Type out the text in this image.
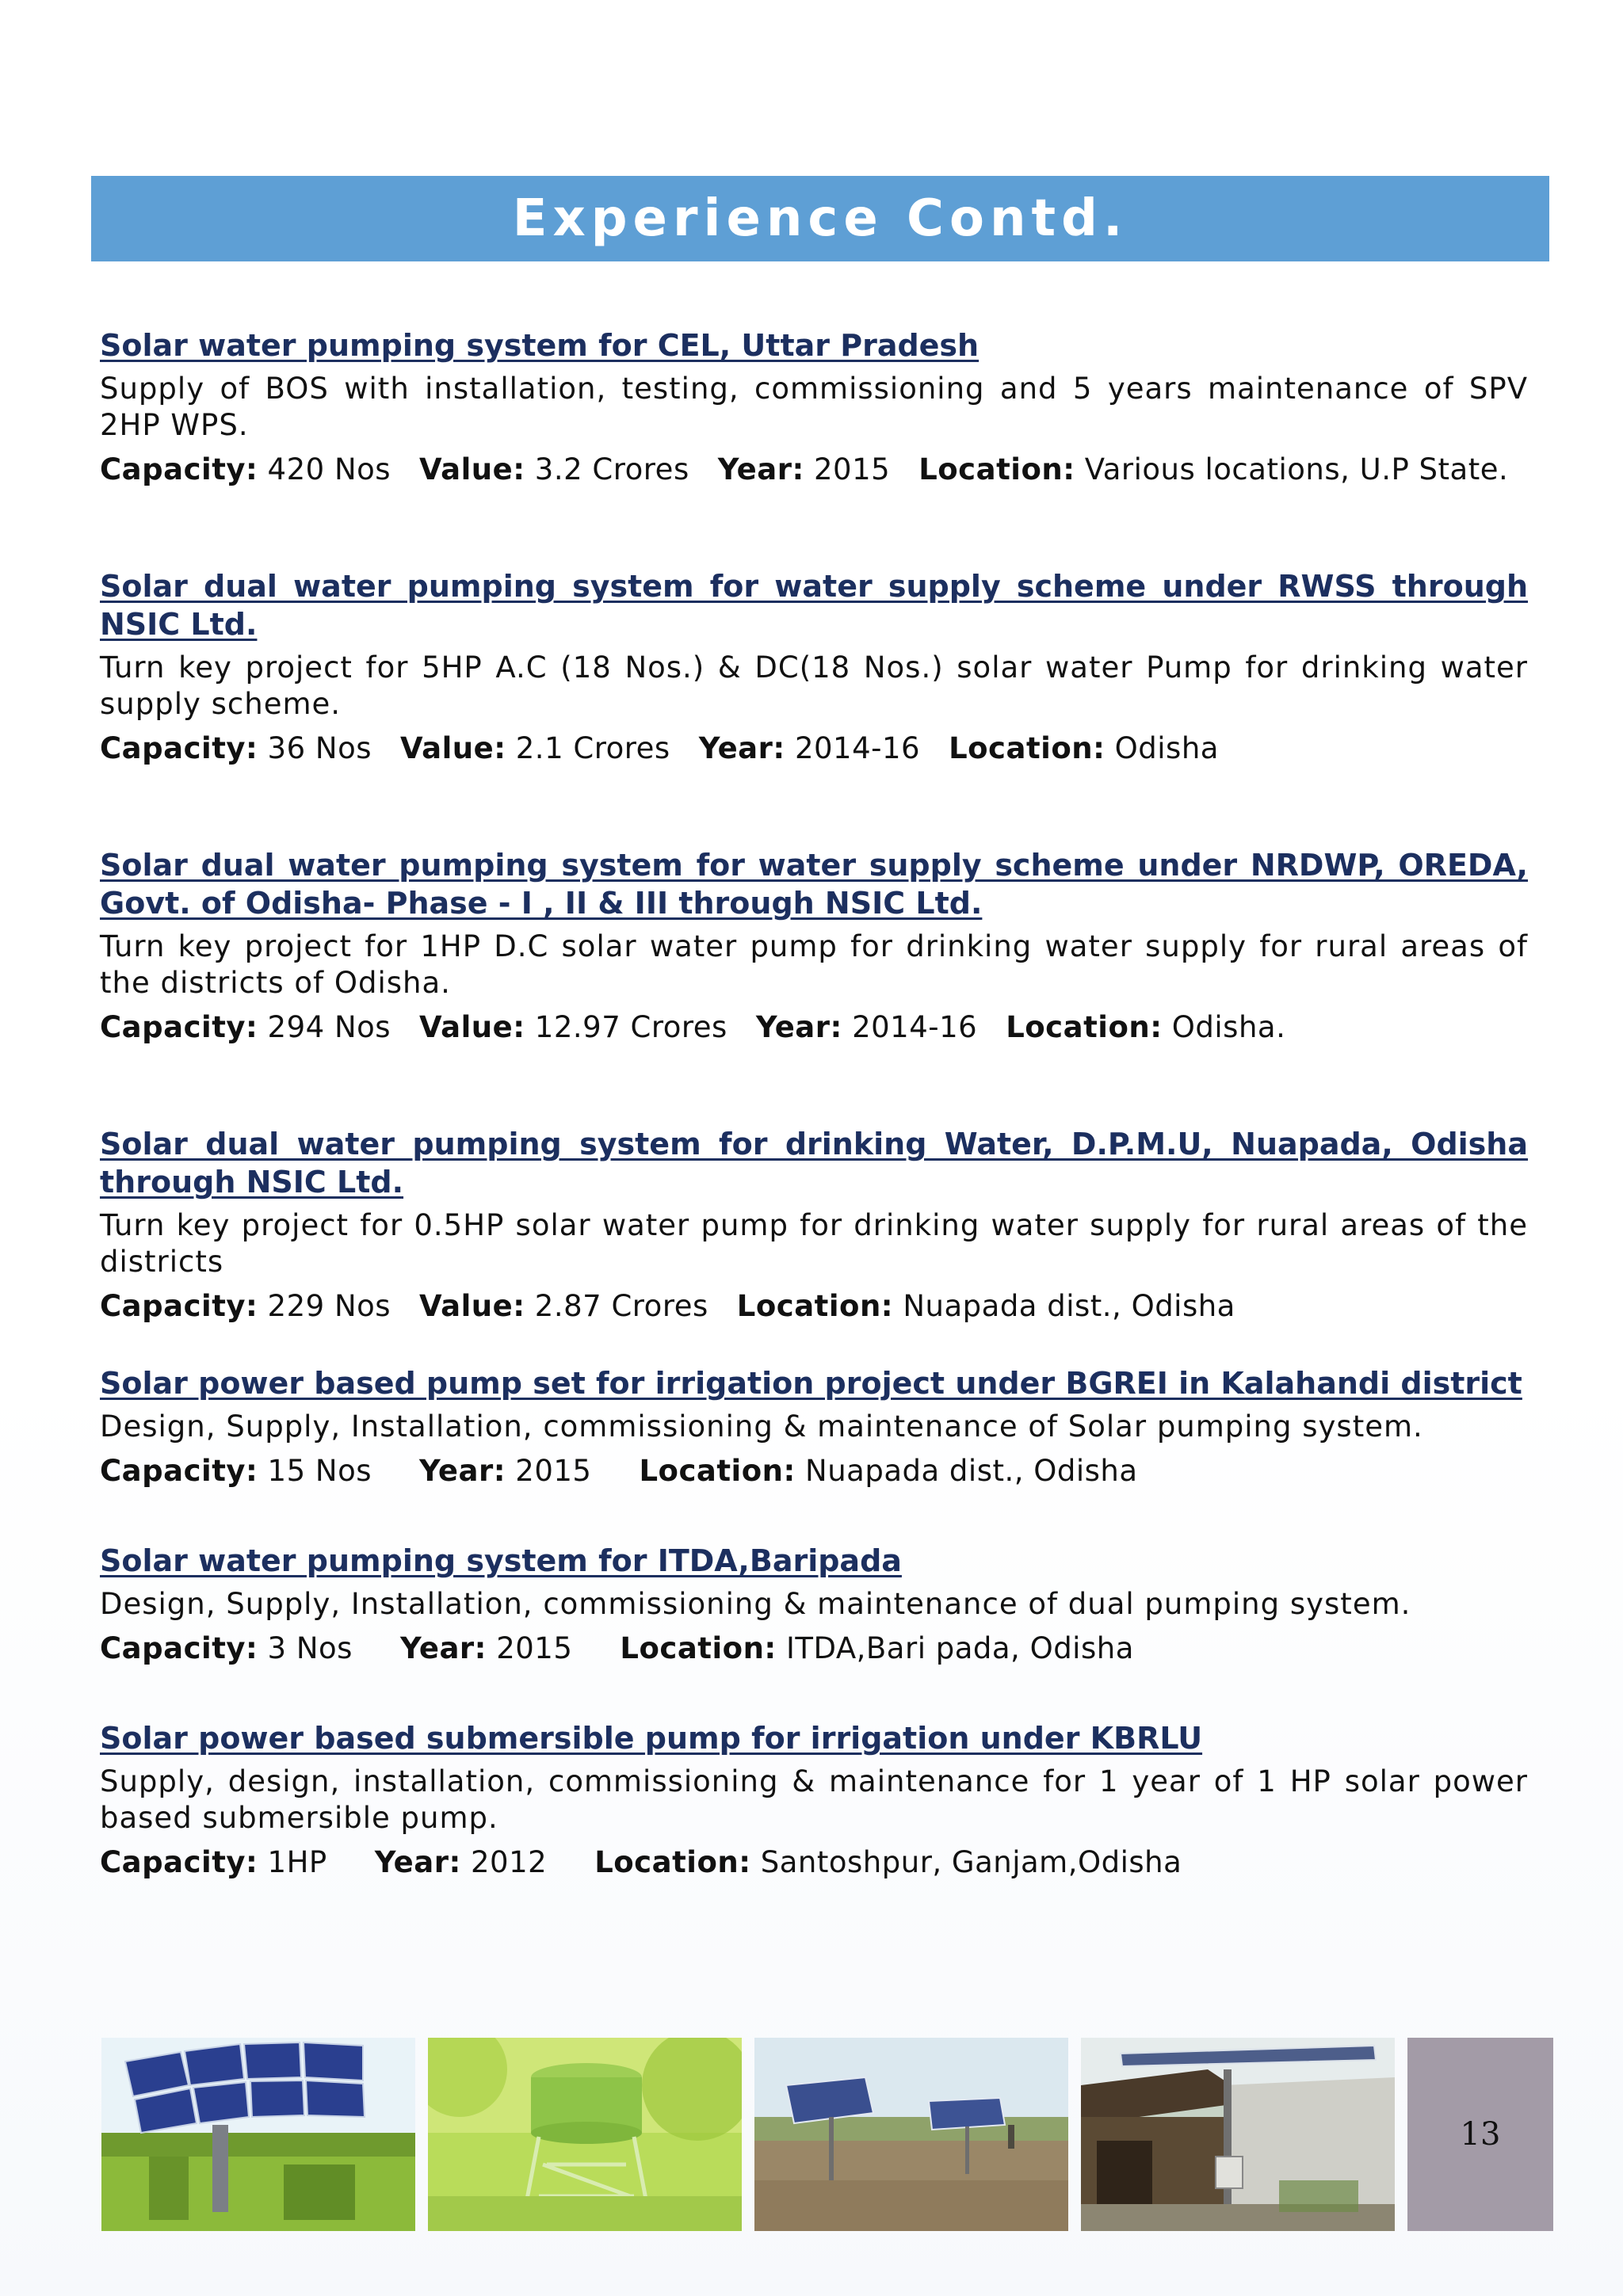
Experience Contd.
Solar water pumping system for CEL, Uttar Pradesh
Supply of BOS with installation, testing, commissioning and 5 years maintenance of SPV 2HP WPS.
Capacity: 420 Nos Value: 3.2 Crores Year: 2015 Location: Various locations, U.P State.
Solar dual water pumping system for water supply scheme under RWSS through NSIC Ltd.
Turn key project for 5HP A.C (18 Nos.) & DC(18 Nos.) solar water Pump for drinking water supply scheme.
Capacity: 36 Nos Value: 2.1 Crores Year: 2014-16 Location: Odisha
Solar dual water pumping system for water supply scheme under NRDWP, OREDA, Govt. of Odisha- Phase - I , II & III through NSIC Ltd.
Turn key project for 1HP D.C solar water pump for drinking water supply for rural areas of the districts of Odisha.
Capacity: 294 Nos Value: 12.97 Crores Year: 2014-16 Location: Odisha.
Solar dual water pumping system for drinking Water, D.P.M.U, Nuapada, Odisha through NSIC Ltd.
Turn key project for 0.5HP solar water pump for drinking water supply for rural areas of the districts
Capacity: 229 Nos Value: 2.87 Crores Location: Nuapada dist., Odisha
Solar power based pump set for irrigation project under BGREI in Kalahandi district
Design, Supply, Installation, commissioning & maintenance of Solar pumping system.
Capacity: 15 Nos Year: 2015 Location: Nuapada dist., Odisha
Solar water pumping system for ITDA,Baripada
Design, Supply, Installation, commissioning & maintenance of dual pumping system.
Capacity: 3 Nos Year: 2015 Location: ITDA,Bari pada, Odisha
Solar power based submersible pump for irrigation under KBRLU
Supply, design, installation, commissioning & maintenance for 1 year of 1 HP solar power based submersible pump.
Capacity: 1HP Year: 2012 Location: Santoshpur, Ganjam,Odisha
13
